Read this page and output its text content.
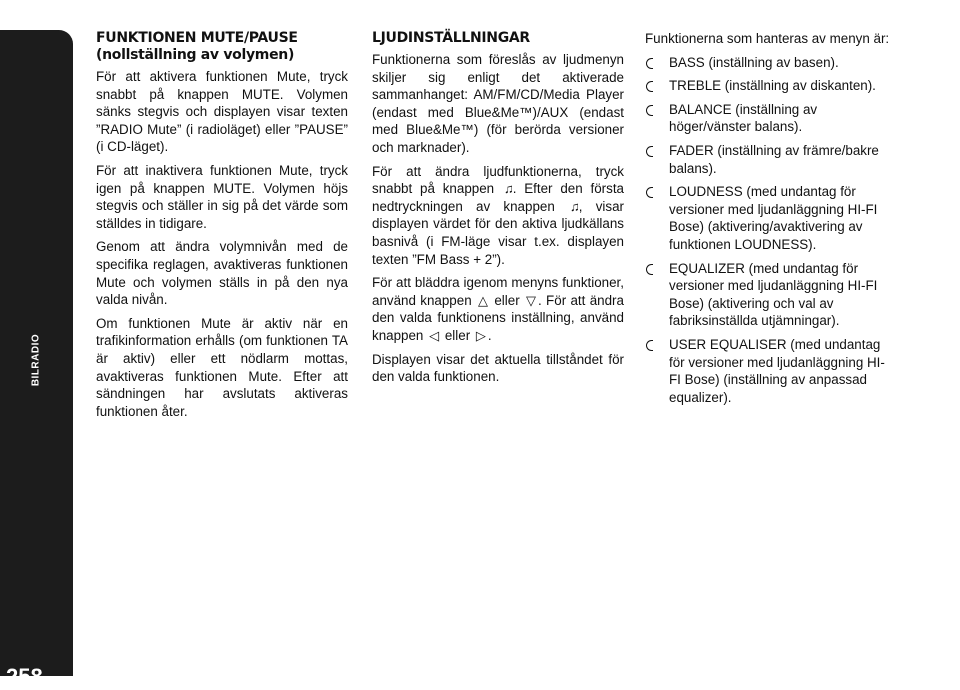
BILRADIO
258
FUNKTIONEN MUTE/PAUSE
(nollställning av volymen)

För att aktivera funktionen Mute, tryck snabbt på knappen MUTE. Volymen sänks stegvis och displayen visar texten ”RADIO Mute” (i radioläget) eller ”PAUSE” (i CD-läget).

För att inaktivera funktionen Mute, tryck igen på knappen MUTE. Volymen höjs stegvis och ställer in sig på det värde som ställdes in tidigare.

Genom att ändra volymnivån med de specifika reglagen, avaktiveras funktionen Mute och volymen ställs in på den nya valda nivån.

Om funktionen Mute är aktiv när en trafikinformation erhålls (om funktionen TA är aktiv) eller ett nödlarm mottas, avaktiveras funktionen Mute. Efter att sändningen har avslutats aktiveras funktionen åter.

LJUDINSTÄLLNINGAR

Funktionerna som föreslås av ljudmenyn skiljer sig enligt det aktiverade sammanhanget: AM/FM/CD/Media Player (endast med Blue&Me™)/AUX (endast med Blue&Me™) (för berörda versioner och marknader).

För att ändra ljudfunktionerna, tryck snabbt på knappen ♫ . Efter den första nedtryckningen av knappen ♫ , visar displayen värdet för den aktiva ljudkällans basnivå (i FM-läge visar t.ex. displayen texten ”FM Bass + 2”).

För att bläddra igenom menyns funktioner, använd knappen △ eller ▽ . För att ändra den valda funktionens inställning, använd knappen ◁ eller ▷ .

Displayen visar det aktuella tillståndet för den valda funktionen.

Funktionerna som hanteras av menyn är:

BASS (inställning av basen).
TREBLE (inställning av diskanten).
BALANCE (inställning av höger/vänster balans).
FADER (inställning av främre/bakre balans).
LOUDNESS (med undantag för versioner med ljudanläggning HI-FI Bose) (aktivering/avaktivering av funktionen LOUDNESS).
EQUALIZER (med undantag för versioner med ljudanläggning HI-FI Bose) (aktivering och val av fabriksinställda utjämningar).
USER EQUALISER (med undantag för versioner med ljudanläggning HI-FI Bose) (inställning av anpassad equalizer).
